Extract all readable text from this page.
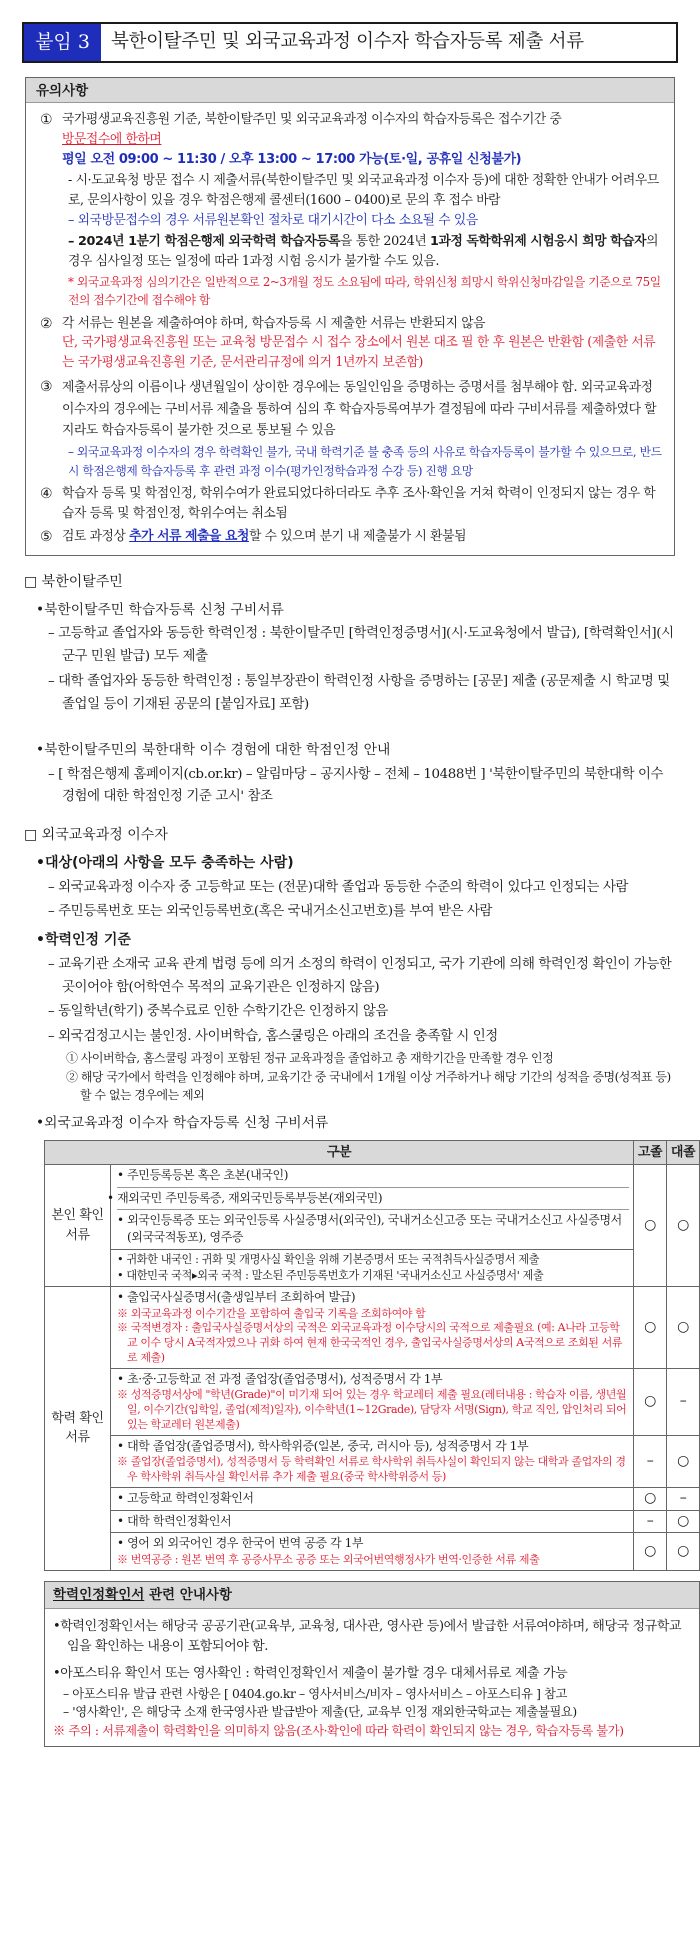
붙임 3	북한이탈주민 및 외국교육과정 이수자 학습자등록 제출 서류
유의사항
① 국가평생교육진흥원 기준, 북한이탈주민 및 외국교육과정 이수자의 학습자등록은 접수기간 중
방문접수에 한하며
평일 오전 09:00 ~ 11:30 / 오후 13:00 ~ 17:00 가능(토·일, 공휴일 신청불가)
- 시·도교육청 방문 접수 시 제출서류(북한이탈주민 및 외국교육과정 이수자 등)에 대한 정확한 안내가 어려우므로, 문의사항이 있을 경우 학점은행제 콜센터(1600 – 0400)로 문의 후 접수 바람
– 외국방문접수의 경우 서류원본확인 절차로 대기시간이 다소 소요될 수 있음
– 2024년 1분기 학점은행제 외국학력 학습자등록을 통한 2024년 1과정 독학학위제 시험응시 희망 학습자의 경우 심사일정 또는 일정에 따라 1과정 시험 응시가 불가할 수도 있음.
* 외국교육과정 심의기간은 일반적으로 2~3개월 정도 소요됨에 따라, 학위신청 희망시 학위신청마감일을 기준으로 75일 전의 접수기간에 접수해야 함
② 각 서류는 원본을 제출하여야 하며, 학습자등록 시 제출한 서류는 반환되지 않음
단, 국가평생교육진흥원 또는 교육청 방문접수 시 접수 장소에서 원본 대조 필 한 후 원본은 반환함 (제출한 서류는 국가평생교육진흥원 기준, 문서관리규정에 의거 1년까지 보존함)
③ 제출서류상의 이름이나 생년월일이 상이한 경우에는 동일인임을 증명하는 증명서를 첨부해야 함. 외국교육과정 이수자의 경우에는 구비서류 제출을 통하여 심의 후 학습자등록여부가 결정됨에 따라 구비서류를 제출하였다 할지라도 학습자등록이 불가한 것으로 통보될 수 있음
– 외국교육과정 이수자의 경우 학력확인 불가, 국내 학력기준 불 충족 등의 사유로 학습자등록이 불가할 수 있으므로, 반드시 학점은행제 학습자등록 후 관련 과정 이수(평가인정학습과정 수강 등) 진행 요망
④ 학습자 등록 및 학점인정, 학위수여가 완료되었다하더라도 추후 조사·확인을 거쳐 학력이 인정되지 않는 경우 학습자 등록 및 학점인정, 학위수여는 취소됨
⑤ 검토 과정상 추가 서류 제출을 요청할 수 있으며 분기 내 제출불가 시 환불됨
□ 북한이탈주민
•북한이탈주민 학습자등록 신청 구비서류
– 고등학교 졸업자와 동등한 학력인정 : 북한이탈주민 [학력인정증명서](시·도교육청에서 발급), [학력확인서](시군구 민원 발급) 모두 제출
– 대학 졸업자와 동등한 학력인정 : 통일부장관이 학력인정 사항을 증명하는 [공문] 제출 (공문제출 시 학교명 및 졸업일 등이 기재된 공문의 [붙임자료] 포함)
•북한이탈주민의 북한대학 이수 경험에 대한 학점인정 안내
– [ 학점은행제 홈페이지(cb.or.kr) – 알림마당 – 공지사항 – 전체 – 10488번 ] '북한이탈주민의 북한대학 이수 경험에 대한 학점인정 기준 고시' 참조
□ 외국교육과정 이수자
•대상(아래의 사항을 모두 충족하는 사람)
– 외국교육과정 이수자 중 고등학교 또는 (전문)대학 졸업과 동등한 수준의 학력이 있다고 인정되는 사람
– 주민등록번호 또는 외국인등록번호(혹은 국내거소신고번호)를 부여 받은 사람
•학력인정 기준
– 교육기관 소재국 교육 관계 법령 등에 의거 소정의 학력이 인정되고, 국가 기관에 의해 학력인정 확인이 가능한 곳이어야 함(어학연수 목적의 교육기관은 인정하지 않음)
– 동일학년(학기) 중복수료로 인한 수학기간은 인정하지 않음
– 외국검정고시는 불인정. 사이버학습, 홈스쿨링은 아래의 조건을 충족할 시 인정
① 사이버학습, 홈스쿨링 과정이 포함된 정규 교육과정을 졸업하고 총 재학기간을 만족할 경우 인정
② 해당 국가에서 학력을 인정해야 하며, 교육기간 중 국내에서 1개월 이상 거주하거나 해당 기간의 성적을 증명(성적표 등) 할 수 없는 경우에는 제외
•외국교육과정 이수자 학습자등록 신청 구비서류
구분		고졸	대졸
본인 확인 서류	• 주민등록등본 혹은 초본(내국인)
• 재외국민 주민등록증, 재외국민등록부등본(재외국민)
• 외국인등록증 또는 외국인등록 사실증명서(외국인), 국내거소신고증 또는 국내거소신고 사실증명서(외국국적동포), 영주증	○	○

	• 귀화한 내국인 : 귀화 및 개명사실 확인을 위해 기본증명서 또는 국적취득사실증명서 제출
• 대한민국 국적▸외국 국적 : 말소된 주민등록번호가 기재된 '국내거소신고 사실증명서' 제출		

학력 확인 서류	• 출입국사실증명서(출생일부터 조회하여 발급)
※ 외국교육과정 이수기간을 포함하여 출입국 기록을 조회하여야 함
※ 국적변경자 : 출입국사실증명서상의 국적은 외국교육과정 이수당시의 국적으로 제출필요 (예: A나라 고등학교 이수 당시 A국적자였으나 귀화 하여 현재 한국국적인 경우, 출입국사실증명서상의 A국적으로 조회된 서류로 제출)	○	○

	• 초·중·고등학교 전 과정 졸업장(졸업증명서), 성적증명서 각 1부
※ 성적증명서상에 "학년(Grade)"이 미기재 되어 있는 경우 학교레터 제출 필요(레터내용 : 학습자 이름, 생년월일, 이수기간(입학일, 졸업(제적)일자), 이수학년(1~12Grade), 담당자 서명(Sign), 학교 직인, 압인처리 되어있는 학교레터 원본제출)	○	–

	• 대학 졸업장(졸업증명서), 학사학위증(일본, 중국, 러시아 등), 성적증명서 각 1부
※ 졸업장(졸업증명서), 성적증명서 등 학력확인 서류로 학사학위 취득사실이 확인되지 않는 대학과 졸업자의 경우 학사학위 취득사실 확인서류 추가 제출 필요(중국 학사학위증서 등)	–	○

	• 고등학교 학력인정확인서	○	–

	• 대학 학력인정확인서	–	○

	• 영어 외 외국어인 경우 한국어 번역 공증 각 1부
※ 번역공증 : 원본 번역 후 공증사무소 공증 또는 외국어번역행정사가 번역·인증한 서류 제출	○	○
학력인정확인서 관련 안내사항
•학력인정확인서는 해당국 공공기관(교육부, 교육청, 대사관, 영사관 등)에서 발급한 서류여야하며, 해당국 정규학교임을 확인하는 내용이 포함되어야 함.
•아포스티유 확인서 또는 영사확인 : 학력인정확인서 제출이 불가할 경우 대체서류로 제출 가능
– 아포스티유 발급 관련 사항은 [ 0404.go.kr – 영사서비스/비자 – 영사서비스 – 아포스티유 ] 참고
– '영사확인', 은 해당국 소재 한국영사관 발급받아 제출(단, 교육부 인정 재외한국학교는 제출불필요)
※ 주의 : 서류제출이 학력확인을 의미하지 않음(조사·확인에 따라 학력이 확인되지 않는 경우, 학습자등록 불가)
